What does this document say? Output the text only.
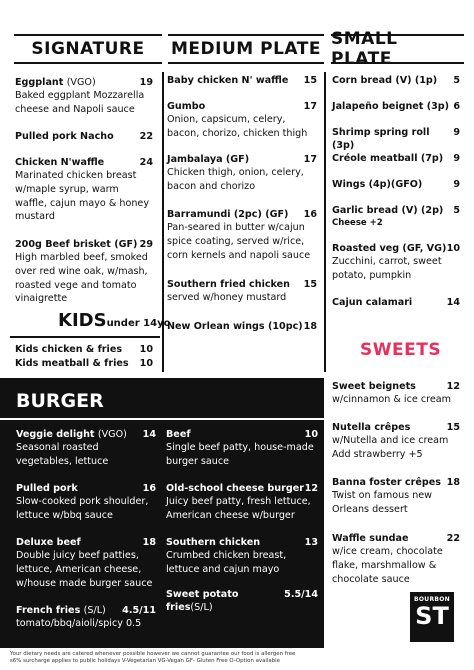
SIGNATURE	MEDIUM PLATE SMALL PLATE
Eggplant (VGO)	19
Baked eggplant Mozzarella
cheese and Napoli sauce
Pulled pork Nacho	22
Chicken N'waffle	24
Marinated chicken breast
w/maple syrup, warm
waffle, cajun mayo & honey
mustard
200g Beef brisket (GF) 29
High marbled beef, smoked
over red wine oak, w/mash,
roasted vege and tomato
vinaigrette
KIDS under 14yo
Kids chicken & fries 10
Kids meatball & fries 10
Baby chicken N' waffle 15
Gumbo	17
Onion, capsicum, celery,
bacon, chorizo, chicken thigh
Jambalaya (GF)	17
Chicken thigh, onion, celery,
bacon and chorizo
Barramundi (2pc) (GF) 16
Pan-seared in butter w/cajun
spice coating, served w/rice,
corn kernels and napoli sauce
Southern fried chicken 15
served w/honey mustard
New Orlean wings (10pc) 18
Corn bread (V) (1p) 5
Jalapeño beignet (3p) 6
Shrimp spring roll (3p)
9
Créole meatball (7p) 9
Wings (4p)(GFO)	9
Garlic bread (V) (2p) 5
Cheese +2
Roasted veg (GF, VG) 10
Zucchini, carrot, sweet
potato, pumpkin
Cajun calamari	14
SWEETS
Sweet beignets	12
w/cinnamon & ice cream
Nutella crêpes	15
w/Nutella and ice cream
Add strawberry +5
Banna foster crêpes 18
Twist on famous new
Orleans dessert
Waffle sundae	22
w/ice cream, chocolate
flake, marshmallow &
chocolate sauce
BOURBON
ST
BURGER
Veggie delight (VGO) 14
Seasonal roasted
vegetables, lettuce
Pulled pork	16
Slow-cooked pork shoulder,
lettuce w/bbq sauce
Deluxe beef	18
Double juicy beef patties,
lettuce, American cheese,
w/house made burger sauce
French fries (S/L) 4.5/11
tomato/bbq/aioli/spicy 0.5
Beef	10
Single beef patty, house-made
burger sauce
Old-school cheese burger 12
Juicy beef patty, fresh lettuce,
American cheese w/burger
Southern chicken	13
Crumbed chicken breast,
lettuce and cajun mayo
Sweet potato fries(S/L)
5.5/14
Your dietary needs are catered whenever possible however we cannot guarantee our food is allergen free
s6% surcharge applies to public holidays V-Vegetarian VG-Vegan GF- Gluten Free O-Option available
